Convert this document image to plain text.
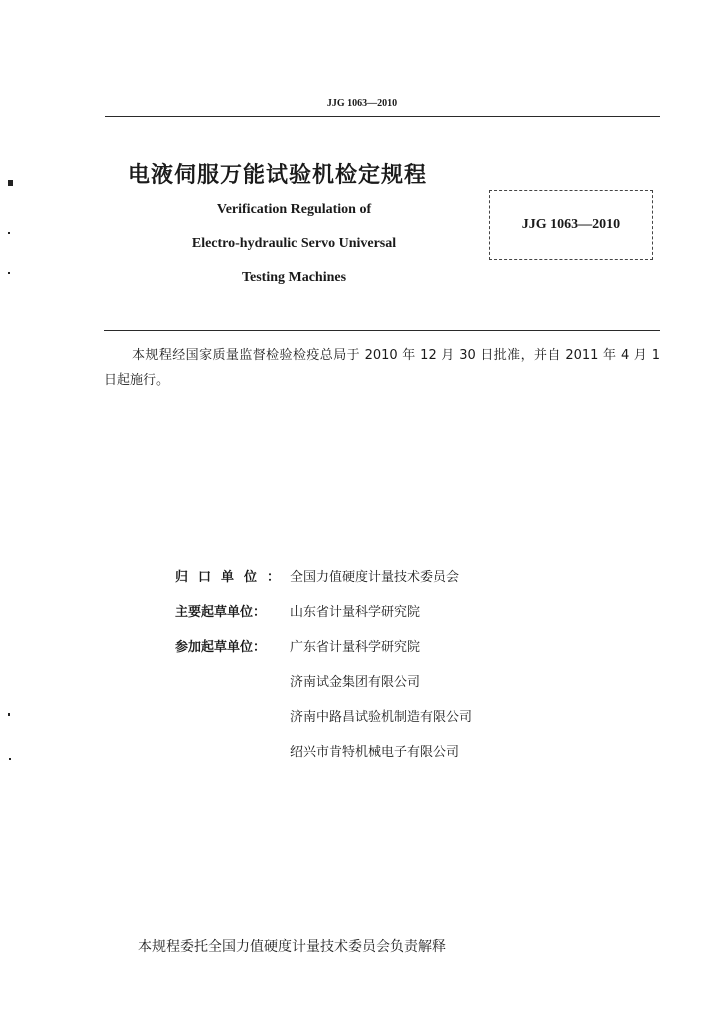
JJG 1063—2010
电液伺服万能试验机检定规程
Verification Regulation of
Electro-hydraulic Servo Universal
Testing Machines
JJG 1063—2010
本规程经国家质量监督检验检疫总局于 2010 年 12 月 30 日批准，并自 2011 年 4 月 1 日起施行。
归口单位： 全国力值硬度计量技术委员会
主要起草单位：	山东省计量科学研究院
参加起草单位：	广东省计量科学研究院
济南试金集团有限公司
济南中路昌试验机制造有限公司
绍兴市肯特机械电子有限公司
本规程委托全国力值硬度计量技术委员会负责解释
